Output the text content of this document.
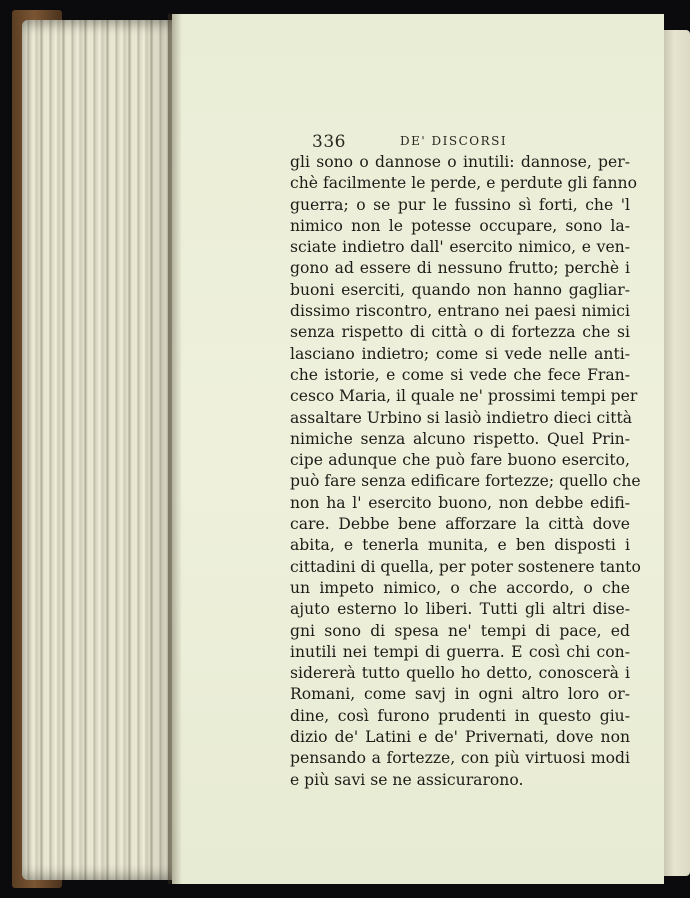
336	DE' DISCORSI
gli sono o dannose o inutili: dannose, per-
chè facilmente le perde, e perdute gli fanno
guerra; o se pur le fussino sì forti, che 'l
nimico non le potesse occupare, sono la-
sciate indietro dall' esercito nimico, e ven-
gono ad essere di nessuno frutto; perchè i
buoni eserciti, quando non hanno gagliar-
dissimo riscontro, entrano nei paesi nimici
senza rispetto di città o di fortezza che si
lasciano indietro; come si vede nelle anti-
che istorie, e come si vede che fece Fran-
cesco Maria, il quale ne' prossimi tempi per
assaltare Urbino si lasiò indietro dieci città
nimiche senza alcuno rispetto. Quel Prin-
cipe adunque che può fare buono esercito,
può fare senza edificare fortezze; quello che
non ha l' esercito buono, non debbe edifi-
care. Debbe bene afforzare la città dove
abita, e tenerla munita, e ben disposti i
cittadini di quella, per poter sostenere tanto
un impeto nimico, o che accordo, o che
ajuto esterno lo liberi. Tutti gli altri dise-
gni sono di spesa ne' tempi di pace, ed
inutili nei tempi di guerra. E così chi con-
sidererà tutto quello ho detto, conoscerà i
Romani, come savj in ogni altro loro or-
dine, così furono prudenti in questo giu-
dizio de' Latini e de' Privernati, dove non
pensando a fortezze, con più virtuosi modi
e più savi se ne assicurarono.
